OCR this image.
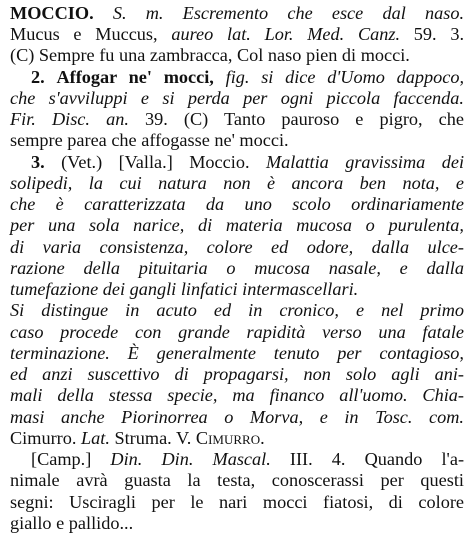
MOCCIO. S. m. Escremento che esce dal naso.
Mucus e Muccus, aureo lat. Lor. Med. Canz. 59. 3.
(C) Sempre fu una zambracca, Col naso pien di mocci.
2. Affogar ne' mocci, fig. si dice d'Uomo dappoco,
che s'avviluppi e si perda per ogni piccola faccenda.
Fir. Disc. an. 39. (C) Tanto pauroso e pigro, che
sempre parea che affogasse ne' mocci.
3. (Vet.) [Valla.] Moccio. Malattia gravissima dei
solipedi, la cui natura non è ancora ben nota, e
che è caratterizzata da uno scolo ordinariamente
per una sola narice, di materia mucosa o purulenta,
di varia consistenza, colore ed odore, dalla ulce-
razione della pituitaria o mucosa nasale, e dalla
tumefazione dei gangli linfatici intermascellari.
Si distingue in acuto ed in cronico, e nel primo
caso procede con grande rapidità verso una fatale
terminazione. È generalmente tenuto per contagioso,
ed anzi suscettivo di propagarsi, non solo agli ani-
mali della stessa specie, ma financo all'uomo. Chia-
masi anche Piorinorrea o Morva, e in Tosc. com.
Cimurro. Lat. Struma. V. Cimurro.
[Camp.] Din. Din. Mascal. III. 4. Quando l'a-
nimale avrà guasta la testa, conoscerassi per questi
segni: Usciragli per le nari mocci fiatosi, di colore
giallo e pallido...
